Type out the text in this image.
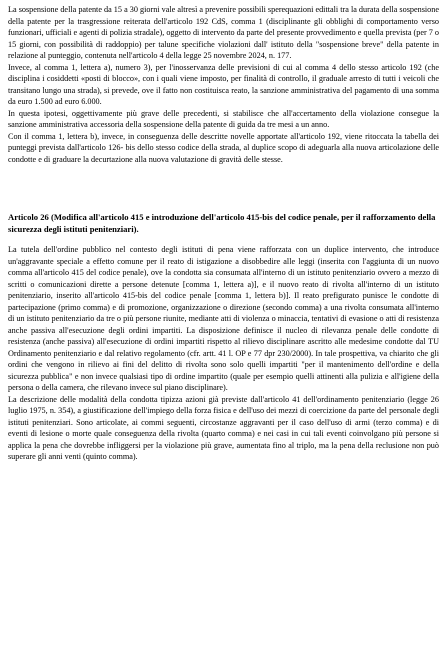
La sospensione della patente da 15 a 30 giorni vale altresì a prevenire possibili sperequazioni edittali tra la durata della sospensione della patente per la trasgressione reiterata dell'articolo 192 CdS, comma 1 (disciplinante gli obblighi di comportamento verso funzionari, ufficiali e agenti di polizia stradale), oggetto di intervento da parte del presente provvedimento e quella prevista (per 7 o 15 giorni, con possibilità di raddoppio) per talune specifiche violazioni dall' istituto della "sospensione breve" della patente in relazione al punteggio, contenuta nell'articolo 4 della legge 25 novembre 2024, n. 177.

Invece, al comma 1, lettera a), numero 3), per l'inosservanza delle previsioni di cui al comma 4 dello stesso articolo 192 (che disciplina i cosiddetti «posti di blocco», con i quali viene imposto, per finalità di controllo, il graduale arresto di tutti i veicoli che transitano lungo una strada), si prevede, ove il fatto non costituisca reato, la sanzione amministrativa del pagamento di una somma da euro 1.500 ad euro 6.000.

In questa ipotesi, oggettivamente più grave delle precedenti, si stabilisce che all'accertamento della violazione consegue la sanzione amministrativa accessoria della sospensione della patente di guida da tre mesi a un anno.

Con il comma 1, lettera b), invece, in conseguenza delle descritte novelle apportate all'articolo 192, viene ritoccata la tabella dei punteggi prevista dall'articolo 126- bis dello stesso codice della strada, al duplice scopo di adeguarla alla nuova articolazione delle condotte e di graduare la decurtazione alla nuova valutazione di gravità delle stesse.

Articolo 26 (Modifica all'articolo 415 e introduzione dell'articolo 415-bis del codice penale, per il rafforzamento della sicurezza degli istituti penitenziari).

La tutela dell'ordine pubblico nel contesto degli istituti di pena viene rafforzata con un duplice intervento, che introduce un'aggravante speciale a effetto comune per il reato di istigazione a disobbedire alle leggi (inserita con l'aggiunta di un nuovo comma all'articolo 415 del codice penale), ove la condotta sia consumata all'interno di un istituto penitenziario ovvero a mezzo di scritti o comunicazioni dirette a persone detenute [comma 1, lettera a)], e il nuovo reato di rivolta all'interno di un istituto penitenziario, inserito all'articolo 415-bis del codice penale [comma 1, lettera b)]. Il reato prefigurato punisce le condotte di partecipazione (primo comma) e di promozione, organizzazione o direzione (secondo comma) a una rivolta consumata all'interno di un istituto penitenziario da tre o più persone riunite, mediante atti di violenza o minaccia, tentativi di evasione o atti di resistenza anche passiva all'esecuzione degli ordini impartiti. La disposizione definisce il nucleo di rilevanza penale delle condotte di resistenza (anche passiva) all'esecuzione di ordini impartiti rispetto al rilievo disciplinare ascritto alle medesime condotte dal TU Ordinamento penitenziario e dal relativo regolamento (cfr. artt. 41 l. OP e 77 dpr 230/2000). In tale prospettiva, va chiarito che gli ordini che vengono in rilievo ai fini del delitto di rivolta sono solo quelli impartiti "per il mantenimento dell'ordine e della sicurezza pubblica" e non invece qualsiasi tipo di ordine impartito (quale per esempio quelli attinenti alla pulizia e all'igiene della persona o della camera, che rilevano invece sul piano disciplinare).

La descrizione delle modalità della condotta tipizza azioni già previste dall'articolo 41 dell'ordinamento penitenziario (legge 26 luglio 1975, n. 354), a giustificazione dell'impiego della forza fisica e dell'uso dei mezzi di coercizione da parte del personale degli istituti penitenziari. Sono articolate, ai commi seguenti, circostanze aggravanti per il caso dell'uso di armi (terzo comma) e di eventi di lesione o morte quale conseguenza della rivolta (quarto comma) e nei casi in cui tali eventi coinvolgano più persone si applica la pena che dovrebbe infliggersi per la violazione più grave, aumentata fino al triplo, ma la pena della reclusione non può superare gli anni venti (quinto comma).
